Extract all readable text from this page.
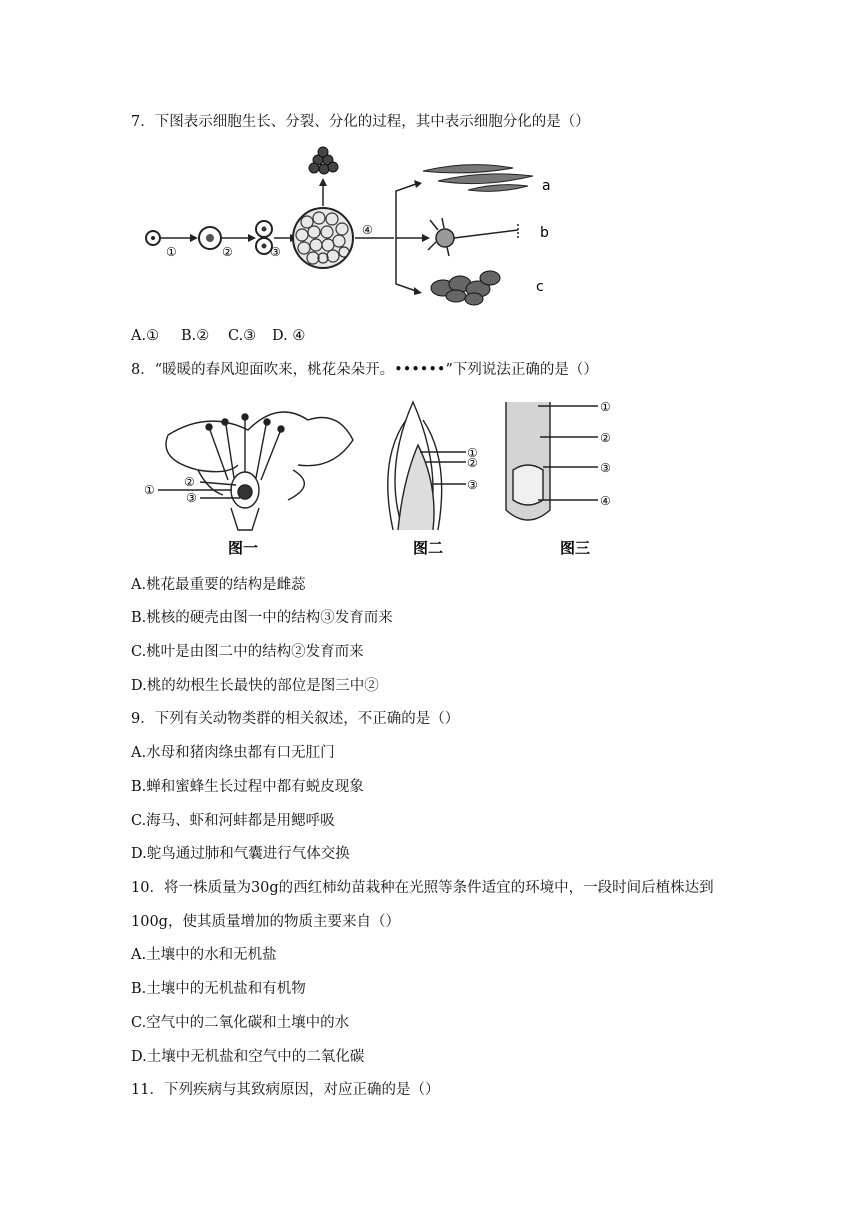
7．下图表示细胞生长、分裂、分化的过程，其中表示细胞分化的是（）
①	②	③
④
a
b
c
A.① B.② C.③ D. ④
8．“暖暖的春风迎面吹来，桃花朵朵开。••••••”下列说法正确的是（）
①
②
③
图一
①
②
③
图二
①
②
③
④
图三
A.桃花最重要的结构是雌蕊
B.桃核的硬壳由图一中的结构③发育而来
C.桃叶是由图二中的结构②发育而来
D.桃的幼根生长最快的部位是图三中②
9．下列有关动物类群的相关叙述，不正确的是（）
A.水母和猪肉绦虫都有口无肛门
B.蝉和蜜蜂生长过程中都有蜕皮现象
C.海马、虾和河蚌都是用鳃呼吸
D.鸵鸟通过肺和气囊进行气体交换
10．将一株质量为30g的西红柿幼苗栽种在光照等条件适宜的环境中，一段时间后植株达到
100g，使其质量增加的物质主要来自（）
A.土壤中的水和无机盐
B.土壤中的无机盐和有机物
C.空气中的二氧化碳和土壤中的水
D.土壤中无机盐和空气中的二氧化碳
11．下列疾病与其致病原因，对应正确的是（）
